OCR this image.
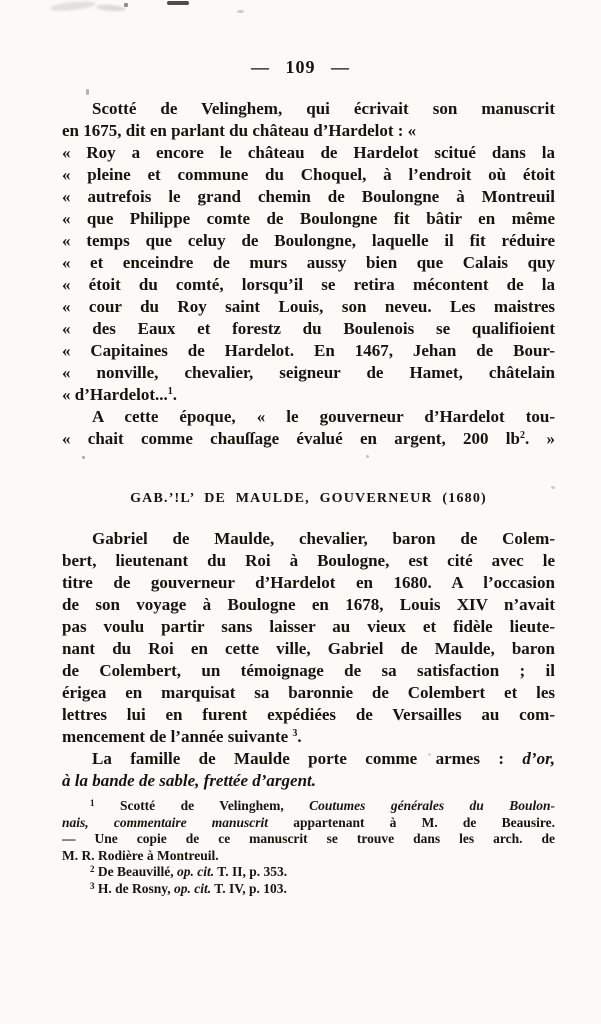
— 109 —
Scotté de Velinghem, qui écrivait son manuscrit
en 1675, dit en parlant du château d’Hardelot : «
« Roy a encore le château de Hardelot scitué dans la
« pleine et commune du Choquel, à l’endroit où étoit
« autrefois le grand chemin de Boulongne à Montreuil
« que Philippe comte de Boulongne fit bâtir en même
« temps que celuy de Boulongne, laquelle il fit réduire
« et enceindre de murs aussy bien que Calais quy
« étoit du comté, lorsqu’il se retira mécontent de la
« cour du Roy saint Louis, son neveu. Les maistres
« des Eaux et forestz du Boulenois se qualifioient
« Capitaines de Hardelot. En 1467, Jehan de Bour-
« nonville, chevalier, seigneur de Hamet, châtelain
« d’Hardelot...$^1$.
A cette époque, « le gouverneur d’Hardelot tou-
« chait comme chauſſage évalué en argent, 200 $lb^2$. »
GAB.’!L’ DE MAULDE, GOUVERNEUR (1680)
Gabriel de Maulde, chevalier, baron de Colem-
bert, lieutenant du Roi à Boulogne, est cité avec le
titre de gouverneur d’Hardelot en 1680. A l’occasion
de son voyage à Boulogne en 1678, Louis XIV n’avait
pas voulu partir sans laisser au vieux et fidèle lieute-
nant du Roi en cette ville, Gabriel de Maulde, baron
de Colembert, un témoignage de sa satisfaction ; il
érigea en marquisat sa baronnie de Colembert et les
lettres lui en furent expédiées de Versailles au com-
mencement de l’année suivante $^3$.
La famille de Maulde porte comme armes : d’or,
à la bande de sable, frettée d’argent.
$^1$ Scotté de Velinghem, Coutumes générales du Boulon-
nais, commentaire manuscrit appartenant à M. de Beausire.
— Une copie de ce manuscrit se trouve dans les arch. de
M. R. Rodière à Montreuil.
$^2$ De Beauvillé, op. cit. T. II, p. 353.
$^3$ H. de Rosny, op. cit. T. IV, p. 103.
